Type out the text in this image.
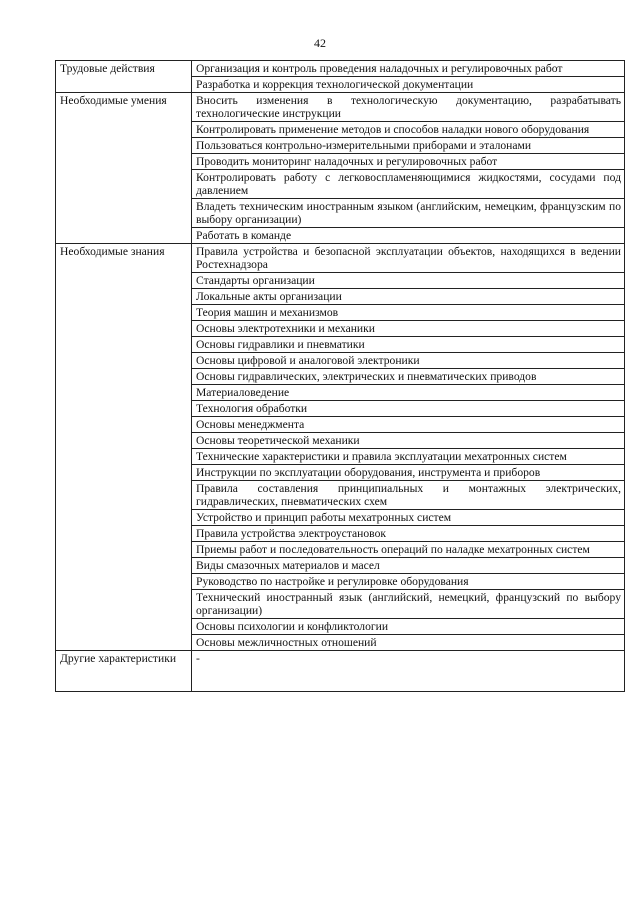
42
Трудовые действия	Организация и контроль проведения наладочных и регулировочных работ
	Разработка и коррекция технологической документации
Необходимые умения	Вносить изменения в технологическую документацию, разрабатывать технологические инструкции
	Контролировать применение методов и способов наладки нового оборудования
	Пользоваться контрольно-измерительными приборами и эталонами
	Проводить мониторинг наладочных и регулировочных работ
	Контролировать работу с легковоспламеняющимися жидкостями, сосудами под давлением
	Владеть техническим иностранным языком (английским, немецким, французским по выбору организации)
	Работать в команде
Необходимые знания	Правила устройства и безопасной эксплуатации объектов, находящихся в ведении Ростехнадзора
	Стандарты организации
	Локальные акты организации
	Теория машин и механизмов
	Основы электротехники и механики
	Основы гидравлики и пневматики
	Основы цифровой и аналоговой электроники
	Основы гидравлических, электрических и пневматических приводов
	Материаловедение
	Технология обработки
	Основы менеджмента
	Основы теоретической механики
	Технические характеристики и правила эксплуатации мехатронных систем
	Инструкции по эксплуатации оборудования, инструмента и приборов
	Правила составления принципиальных и монтажных электрических, гидравлических, пневматических схем
	Устройство и принцип работы мехатронных систем
	Правила устройства электроустановок
	Приемы работ и последовательность операций по наладке мехатронных систем
	Виды смазочных материалов и масел
	Руководство по настройке и регулировке оборудования
	Технический иностранный язык (английский, немецкий, французский по выбору организации)
	Основы психологии и конфликтологии
	Основы межличностных отношений
Другие характеристики	-
